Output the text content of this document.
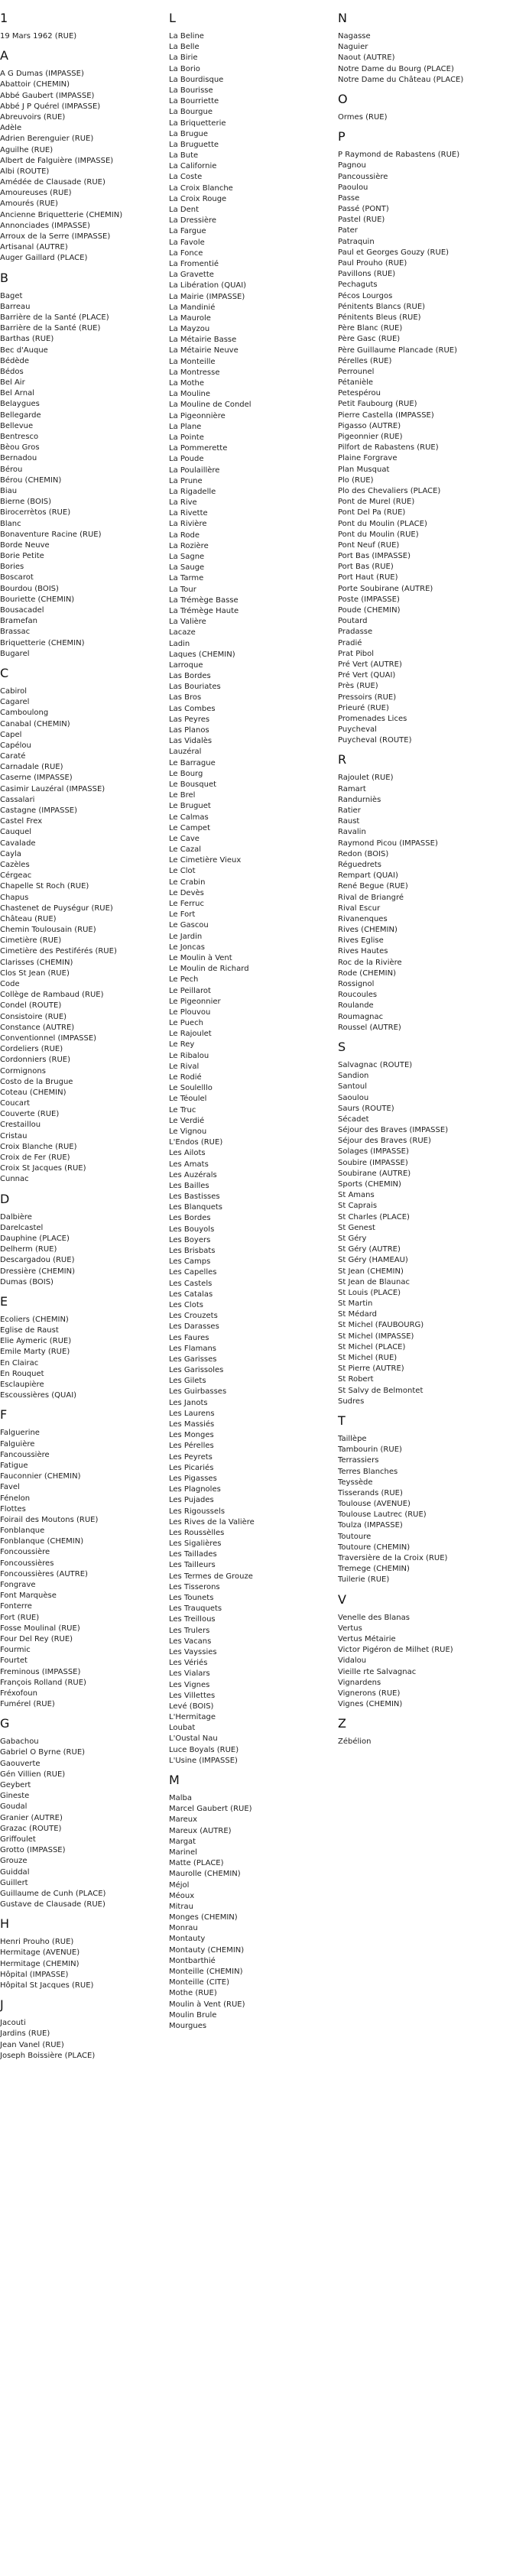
1
19 Mars 1962 (RUE)
A
A G Dumas (IMPASSE)
Abattoir (CHEMIN)
Abbé Gaubert (IMPASSE)
Abbé J P Quérel (IMPASSE)
Abreuvoirs (RUE)
Adèle
Adrien Berenguier (RUE)
Aguilhe (RUE)
Albert de Falguière (IMPASSE)
Albi (ROUTE)
Amédée de Clausade (RUE)
Amoureuses (RUE)
Amourés (RUE)
Ancienne Briquetterie (CHEMIN)
Annonciades (IMPASSE)
Arroux de la Serre (IMPASSE)
Artisanal (AUTRE)
Auger Gaillard (PLACE)
B
Baget
Barreau
Barrière de la Santé (PLACE)
Barrière de la Santé (RUE)
Barthas (RUE)
Bec d'Auque
Bédède
Bédos
Bel Air
Bel Arnal
Belaygues
Bellegarde
Bellevue
Bentresco
Bèou Gros
Bernadou
Bérou
Bérou (CHEMIN)
Biau
Bierne (BOIS)
Birocerrètos (RUE)
Blanc
Bonaventure Racine (RUE)
Borde Neuve
Borie Petite
Bories
Boscarot
Bourdou (BOIS)
Bouriette (CHEMIN)
Bousacadel
Bramefan
Brassac
Briquetterie (CHEMIN)
Bugarel
C
Cabirol
Cagarel
Camboulong
Canabal (CHEMIN)
Capel
Capélou
Caraté
Carnadale (RUE)
Caserne (IMPASSE)
Casimir Lauzéral (IMPASSE)
Cassalari
Castagne (IMPASSE)
Castel Frex
Cauquel
Cavalade
Cayla
Cazèles
Cérgeac
Chapelle St Roch (RUE)
Chapus
Chastenet de Puységur (RUE)
Château (RUE)
Chemin Toulousain (RUE)
Cimetière (RUE)
Cimetière des Pestiférés (RUE)
Clarisses (CHEMIN)
Clos St Jean (RUE)
Code
Collège de Rambaud (RUE)
Condel (ROUTE)
Consistoire (RUE)
Constance (AUTRE)
Conventionnel (IMPASSE)
Cordeliers (RUE)
Cordonniers (RUE)
Cormignons
Costo de la Brugue
Coteau (CHEMIN)
Coucart
Couverte (RUE)
Crestaillou
Cristau
Croix Blanche (RUE)
Croix de Fer (RUE)
Croix St Jacques (RUE)
Cunnac
D
Dalbière
Darelcastel
Dauphine (PLACE)
Delherm (RUE)
Descargadou (RUE)
Dressière (CHEMIN)
Dumas (BOIS)
E
Ecoliers (CHEMIN)
Eglise de Raust
Elie Aymeric (RUE)
Emile Marty (RUE)
En Clairac
En Rouquet
Esclaupière
Escoussières (QUAI)
F
Falguerine
Falguière
Fancoussière
Fatigue
Fauconnier (CHEMIN)
Favel
Fénelon
Flottes
Foirail des Moutons (RUE)
Fonblanque
Fonblanque (CHEMIN)
Foncoussière
Foncoussières
Foncoussières (AUTRE)
Fongrave
Font Marquèse
Fonterre
Fort (RUE)
Fosse Moulinal (RUE)
Four Del Rey (RUE)
Fourmic
Fourtet
Freminous (IMPASSE)
François Rolland (RUE)
Fréxofoun
Fumérel (RUE)
G
Gabachou
Gabriel O Byrne (RUE)
Gaouverte
Gén Villien (RUE)
Geybert
Gineste
Goudal
Granier (AUTRE)
Grazac (ROUTE)
Griffoulet
Grotto (IMPASSE)
Grouze
Guiddal
Guillert
Guillaume de Cunh (PLACE)
Gustave de Clausade (RUE)
H
Henri Prouho (RUE)
Hermitage (AVENUE)
Hermitage (CHEMIN)
Hôpital (IMPASSE)
Hôpital St Jacques (RUE)
J
Jacouti
Jardins (RUE)
Jean Vanel (RUE)
Joseph Boissière (PLACE)
L
La Beline
La Belle
La Birie
La Borio
La Bourdisque
La Bourisse
La Bourriette
La Bourgue
La Briquetterie
La Brugue
La Bruguette
La Bute
La Californie
La Coste
La Croix Blanche
La Croix Rouge
La Dent
La Dressière
La Fargue
La Favole
La Fonce
La Fromentié
La Gravette
La Libération (QUAI)
La Mairie (IMPASSE)
La Mandinié
La Maurole
La Mayzou
La Métairie Basse
La Métairie Neuve
La Monteille
La Montresse
La Mothe
La Mouline
La Mouline de Condel
La Pigeonnière
La Plane
La Pointe
La Pommerette
La Poude
La Poulaillère
La Prune
La Rigadelle
La Rive
La Rivette
La Rivière
La Rode
La Rozière
La Sagne
La Sauge
La Tarme
La Tour
La Trémège Basse
La Trémège Haute
La Valière
Lacaze
Ladin
Laques (CHEMIN)
Larroque
Las Bordes
Las Bouriates
Las Bros
Las Combes
Las Peyres
Las Planos
Las Vidalès
Lauzéral
Le Barrague
Le Bourg
Le Bousquet
Le Brel
Le Bruguet
Le Calmas
Le Campet
Le Cave
Le Cazal
Le Cimetière Vieux
Le Clot
Le Crabin
Le Devès
Le Ferruc
Le Fort
Le Gascou
Le Jardin
Le Joncas
Le Moulin à Vent
Le Moulin de Richard
Le Pech
Le Peillarot
Le Pigeonnier
Le Plouvou
Le Puech
Le Rajoulet
Le Rey
Le Ribalou
Le Rival
Le Rodié
Le Soulelllo
Le Téoulel
Le Truc
Le Verdié
Le Vignou
L'Endos (RUE)
Les Ailots
Les Amats
Les Auzérals
Les Bailles
Les Bastisses
Les Blanquets
Les Bordes
Les Bouyols
Les Boyers
Les Brisbats
Les Camps
Les Capelles
Les Castels
Les Catalas
Les Clots
Les Crouzets
Les Darasses
Les Faures
Les Flamans
Les Garisses
Les Garissoles
Les Gilets
Les Guirbasses
Les Janots
Les Laurens
Les Massiés
Les Monges
Les Pérelles
Les Peyrets
Les Picariés
Les Pigasses
Les Plagnoles
Les Pujades
Les Rigoussels
Les Rives de la Valière
Les Roussèlles
Les Sigalières
Les Taillades
Les Tailleurs
Les Termes de Grouze
Les Tisserons
Les Tounets
Les Trauquets
Les Treillous
Les Trulers
Les Vacans
Les Vayssies
Les Vériés
Les Vialars
Les Vignes
Les Villettes
Levé (BOIS)
L'Hermitage
Loubat
L'Oustal Nau
Luce Boyals (RUE)
L'Usine (IMPASSE)
M
Malba
Marcel Gaubert (RUE)
Mareux
Mareux (AUTRE)
Margat
Marinel
Matte (PLACE)
Maurolle (CHEMIN)
Méjol
Méoux
Mitrau
Monges (CHEMIN)
Monrau
Montauty
Montauty (CHEMIN)
Montbarthié
Monteille (CHEMIN)
Monteille (CITE)
Mothe (RUE)
Moulin à Vent (RUE)
Moulin Brule
Mourgues
N
Nagasse
Naguier
Naout (AUTRE)
Notre Dame du Bourg (PLACE)
Notre Dame du Château (PLACE)
O
Ormes (RUE)
P
P Raymond de Rabastens (RUE)
Pagnou
Pancoussière
Paoulou
Passe
Passé (PONT)
Pastel (RUE)
Pater
Patraquin
Paul et Georges Gouzy (RUE)
Paul Prouho (RUE)
Pavillons (RUE)
Pechaguts
Pécos Lourgos
Pénitents Blancs (RUE)
Pénitents Bleus (RUE)
Père Blanc (RUE)
Père Gasc (RUE)
Père Guillaume Plancade (RUE)
Pérelles (RUE)
Perrounel
Pétanièle
Petespérou
Petit Faubourg (RUE)
Pierre Castella (IMPASSE)
Pigasso (AUTRE)
Pigeonnier (RUE)
Pilfort de Rabastens (RUE)
Plaine Forgrave
Plan Musquat
Plo (RUE)
Plo des Chevaliers (PLACE)
Pont de Murel (RUE)
Pont Del Pa (RUE)
Pont du Moulin (PLACE)
Pont du Moulin (RUE)
Pont Neuf (RUE)
Port Bas (IMPASSE)
Port Bas (RUE)
Port Haut (RUE)
Porte Soubirane (AUTRE)
Poste (IMPASSE)
Poude (CHEMIN)
Poutard
Pradasse
Pradié
Prat Pibol
Pré Vert (AUTRE)
Pré Vert (QUAI)
Près (RUE)
Pressoirs (RUE)
Prieuré (RUE)
Promenades Lices
Puycheval
Puycheval (ROUTE)
R
Rajoulet (RUE)
Ramart
Randurniès
Ratier
Raust
Ravalin
Raymond Picou (IMPASSE)
Redon (BOIS)
Réguedrets
Rempart (QUAI)
René Begue (RUE)
Rival de Briangré
Rival Escur
Rivanenques
Rives (CHEMIN)
Rives Eglise
Rives Hautes
Roc de la Rivière
Rode (CHEMIN)
Rossignol
Roucoules
Roulande
Roumagnac
Roussel (AUTRE)
S
Salvagnac (ROUTE)
Sandion
Santoul
Saoulou
Saurs (ROUTE)
Sécadet
Séjour des Braves (IMPASSE)
Séjour des Braves (RUE)
Solages (IMPASSE)
Soubire (IMPASSE)
Soubirane (AUTRE)
Sports (CHEMIN)
St Amans
St Caprais
St Charles (PLACE)
St Genest
St Géry
St Géry (AUTRE)
St Géry (HAMEAU)
St Jean (CHEMIN)
St Jean de Blaunac
St Louis (PLACE)
St Martin
St Médard
St Michel (FAUBOURG)
St Michel (IMPASSE)
St Michel (PLACE)
St Michel (RUE)
St Pierre (AUTRE)
St Robert
St Salvy de Belmontet
Sudres
T
Taillèpe
Tambourin (RUE)
Terrassiers
Terres Blanches
Teyssède
Tisserands (RUE)
Toulouse (AVENUE)
Toulouse Lautrec (RUE)
Toulza (IMPASSE)
Toutoure
Toutoure (CHEMIN)
Traversière de la Croix (RUE)
Tremege (CHEMIN)
Tuilerie (RUE)
V
Venelle des Blanas
Vertus
Vertus Métairie
Victor Pigéron de Milhet (RUE)
Vidalou
Vieille rte Salvagnac
Vignardens
Vignerons (RUE)
Vignes (CHEMIN)
Z
Zébélion
